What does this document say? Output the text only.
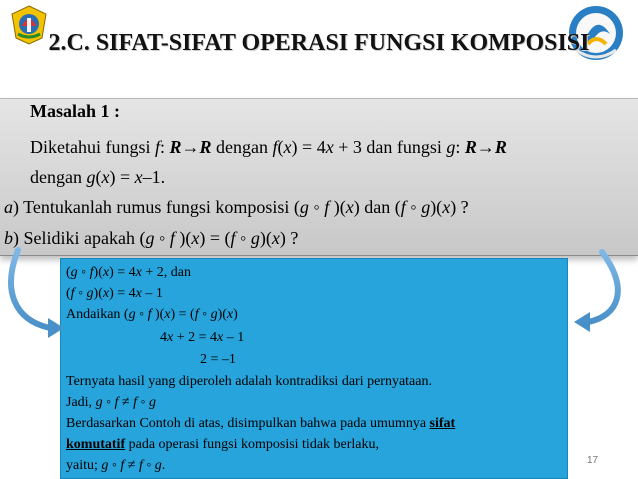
2.C. SIFAT-SIFAT OPERASI FUNGSI KOMPOSISI
Masalah 1 :
Diketahui fungsi f: R→R dengan f(x) = 4x + 3 dan fungsi g: R→R
dengan g(x) = x–1.
a) Tentukanlah rumus fungsi komposisi (g ◦ f )(x) dan (f ◦ g)(x) ?
b) Selidiki apakah (g ◦ f )(x) = (f ◦ g)(x) ?
(g ◦ f)(x) = 4x + 2, dan
(f ◦ g)(x) = 4x – 1
Andaikan (g ◦ f )(x) = (f ◦ g)(x)
4x + 2 = 4x – 1
2 = –1
Ternyata hasil yang diperoleh adalah kontradiksi dari pernyataan.
Jadi, g ◦ f ≠ f ◦ g
Berdasarkan Contoh di atas, disimpulkan bahwa pada umumnya sifat
komutatif pada operasi fungsi komposisi tidak berlaku,
yaitu; g ◦ f ≠ f ◦ g.	17
